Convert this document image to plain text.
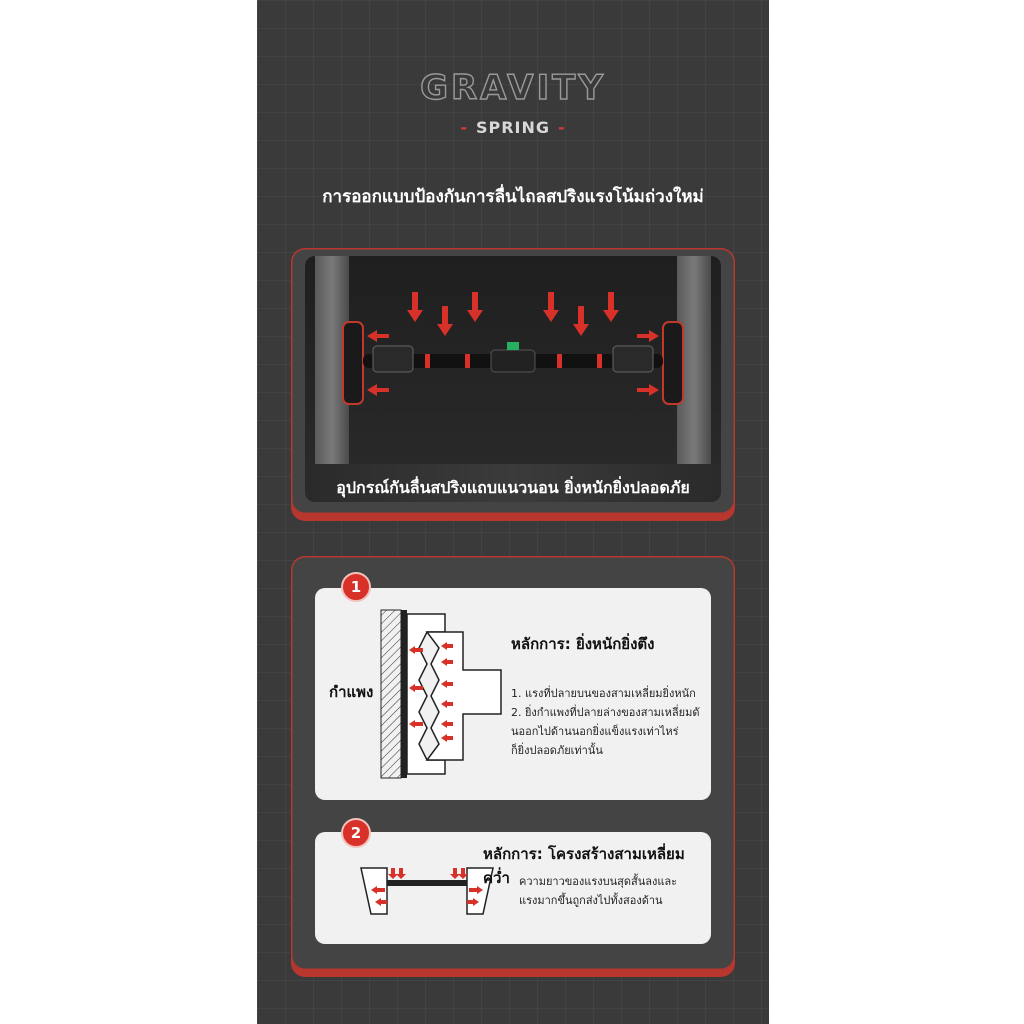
GRAVITY
- SPRING -
การออกแบบป้องกันการลื่นไถลสปริงแรงโน้มถ่วงใหม่
อุปกรณ์กันลื่นสปริงแถบแนวนอน ยิ่งหนักยิ่งปลอดภัย
กำแพง
หลักการ: ยิ่งหนักยิ่งตึง
1. แรงที่ปลายบนของสามเหลี่ยมยิ่งหนัก
2. ยิ่งกำแพงที่ปลายล่างของสามเหลี่ยมดั
นออกไปด้านนอกยิ่งแข็งแรงเท่าไหร่
ก็ยิ่งปลอดภัยเท่านั้น
1
หลักการ: โครงสร้างสามเหลี่ยมคว่ำ ความยาวของแรงบนสุดสั้นลงและ
แรงมากขึ้นถูกส่งไปทั้งสองด้าน
2
